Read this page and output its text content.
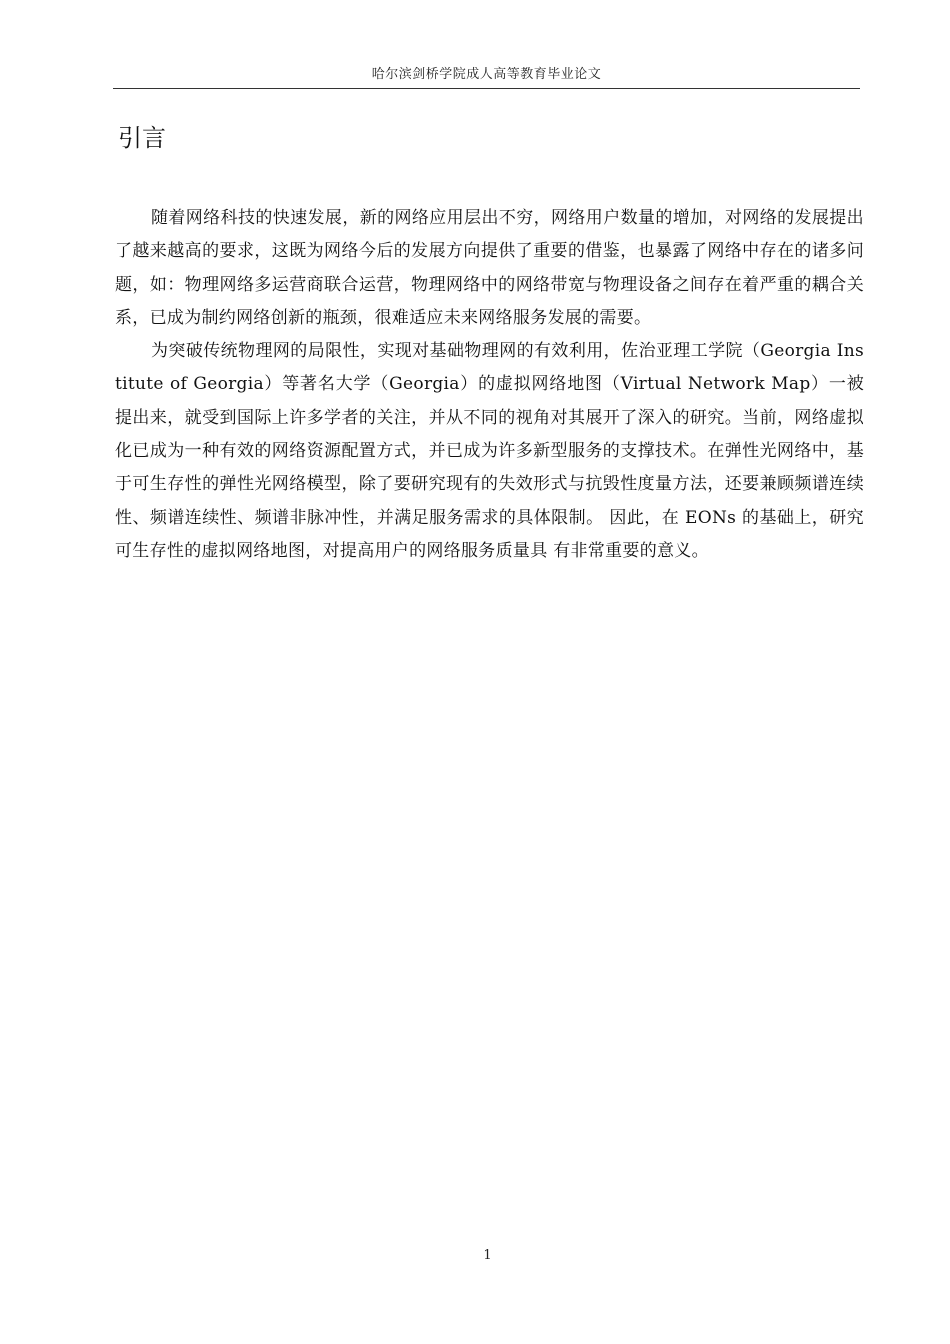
哈尔滨剑桥学院成人高等教育毕业论文
引言

随着网络科技的快速发展，新的网络应用层出不穷，网络用户数量的增加，对网络的发展提出了越来越高的要求，这既为网络今后的发展方向提供了重要的借鉴，也暴露了网络中存在的诸多问题，如：物理网络多运营商联合运营，物理网络中的网络带宽与物理设备之间存在着严重的耦合关系，已成为制约网络创新的瓶颈，很难适应未来网络服务发展的需要。

为突破传统物理网的局限性，实现对基础物理网的有效利用，佐治亚理工学院（Georgia Institute of Georgia）等著名大学（Georgia）的虚拟网络地图（Virtual Network Map）一被提出来，就受到国际上许多学者的关注，并从不同的视角对其展开了深入的研究。当前，网络虚拟化已成为一种有效的网络资源配置方式，并已成为许多新型服务的支撑技术。在弹性光网络中，基于可生存性的弹性光网络模型，除了要研究现有的失效形式与抗毁性度量方法，还要兼顾频谱连续性、频谱连续性、频谱非脉冲性，并满足服务需求的具体限制。 因此，在 EONs 的基础上，研究可生存性的虚拟网络地图，对提高用户的网络服务质量具 有非常重要的意义。

1
